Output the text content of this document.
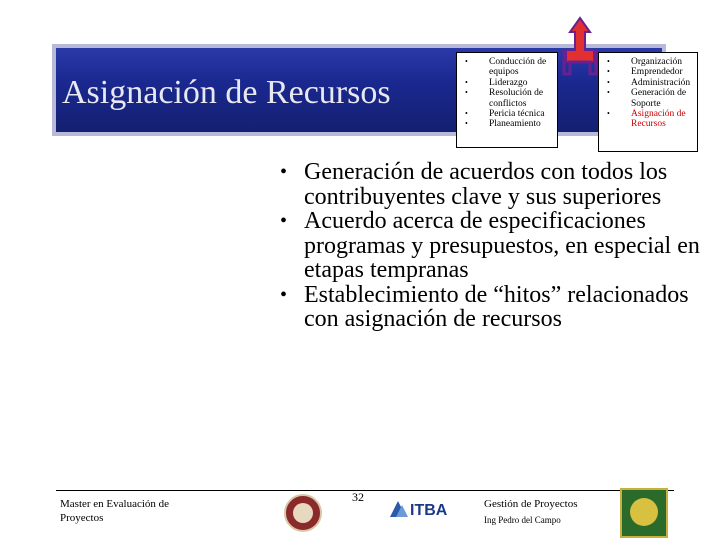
Asignación de Recursos
• Conducción de equipos
• Liderazgo
• Resolución de conflictos
• Pericia técnica
• Planeamiento
• Organización
• Emprendedor
• Administración
• Generación de Soporte
• Asignación de Recursos
• Generación de acuerdos con todos los contribuyentes clave y sus superiores
• Acuerdo acerca de especificaciones programas y presupuestos, en especial en etapas tempranas
• Establecimiento de “hitos” relacionados con asignación de recursos
Master en Evaluación de Proyectos
32
ITBA	Gestión de Proyectos
Ing Pedro del Campo
